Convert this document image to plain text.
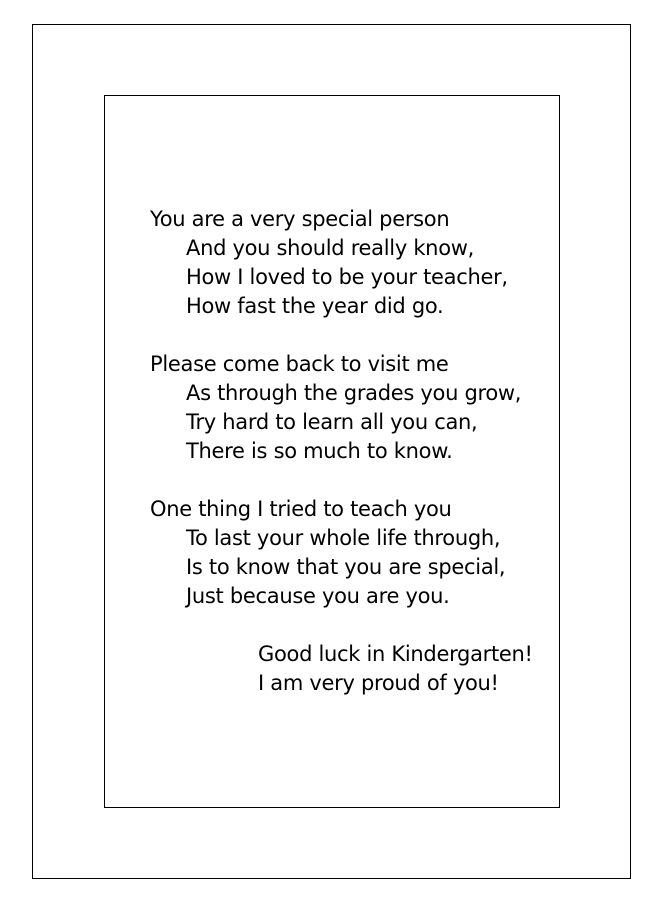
You are a very special person
And you should really know,
How I loved to be your teacher,
How fast the year did go.
Please come back to visit me
As through the grades you grow,
Try hard to learn all you can,
There is so much to know.
One thing I tried to teach you
To last your whole life through,
Is to know that you are special,
Just because you are you.
Good luck in Kindergarten!
I am very proud of you!
